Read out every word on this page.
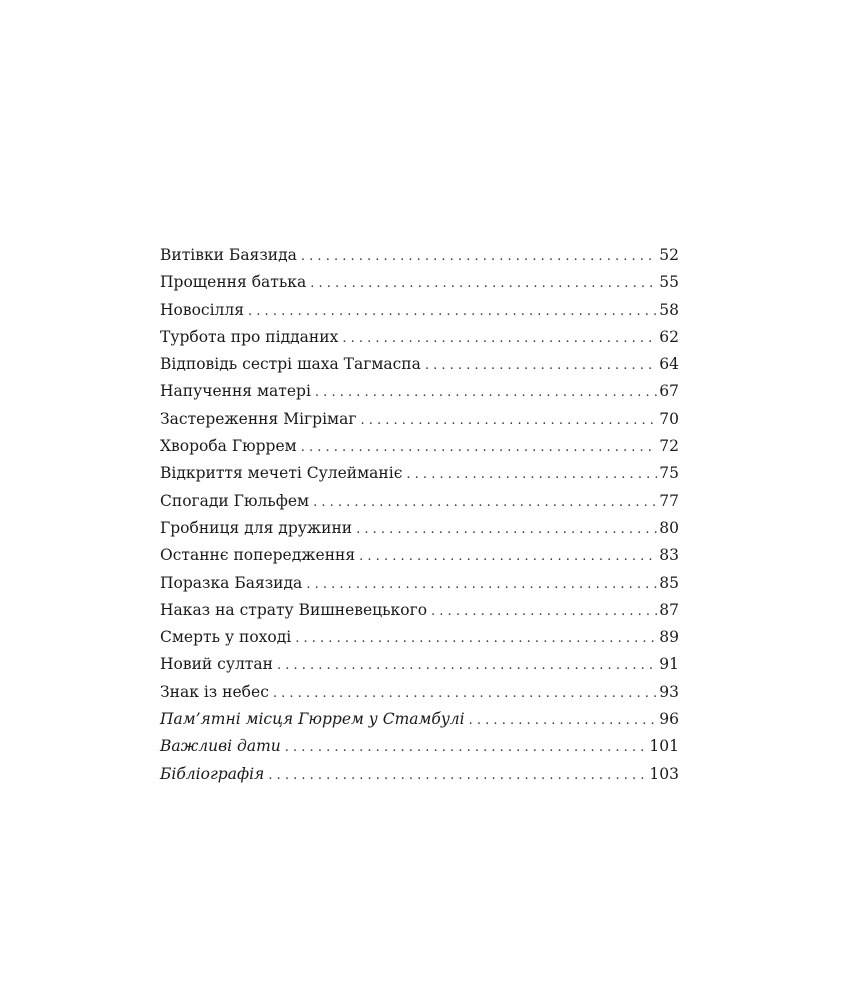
Витівки Баязида . . .	52
Прощення батька . . .	55
Новосілля . . .	58
Турбота про підданих . . .	62
Відповідь сестрі шаха Тагмаспа . . .	64
Напучення матері . . .	67
Застереження Мігрімаг . . .	70
Хвороба Гюррем . . .	72
Відкриття мечеті Сулейманіє . . .	75
Спогади Гюльфем . . .	77
Гробниця для дружини . . .	80
Останнє попередження . . .	83
Поразка Баязида . . .	85
Наказ на страту Вишневецького . . .	87
Смерть у поході . . .	89
Новий султан . . .	91
Знак із небес . . .	93
Пам’ятні місця Гюррем у Стамбулі . . .	96
Важливі дати . . .	101
Бібліографія . . .	103
